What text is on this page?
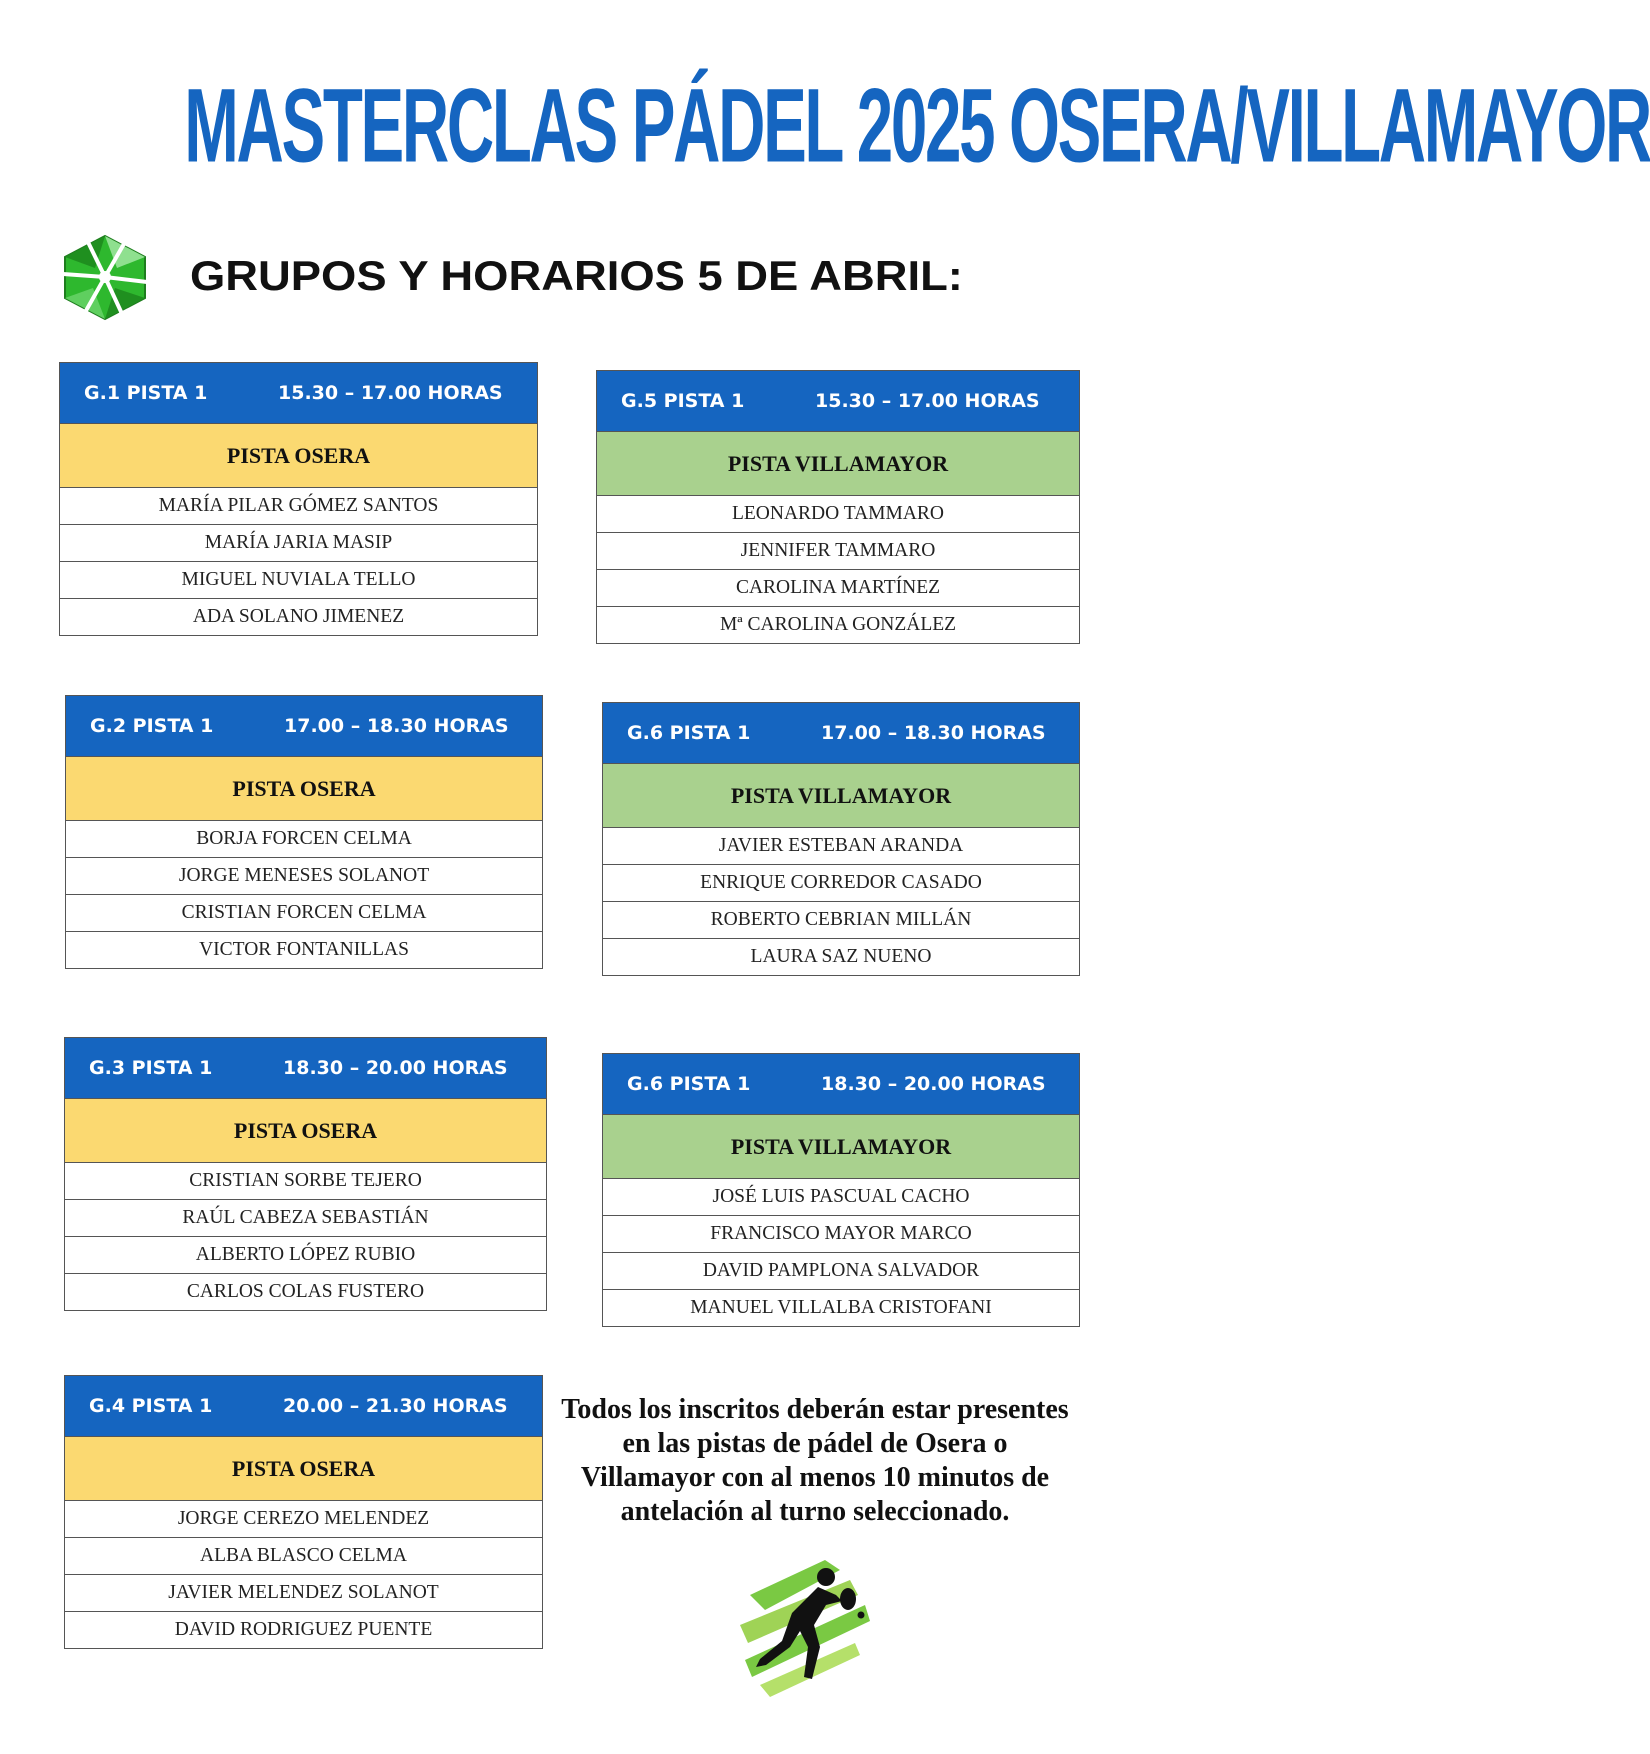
MASTERCLAS PÁDEL 2025 OSERA/VILLAMAYOR
GRUPOS Y HORARIOS 5 DE ABRIL:
G.1 PISTA 1	15.30 – 17.00 HORAS
PISTA OSERA
MARÍA PILAR GÓMEZ SANTOS
MARÍA JARIA MASIP
MIGUEL NUVIALA TELLO
ADA SOLANO JIMENEZ
G.5 PISTA 1	15.30 – 17.00 HORAS
PISTA VILLAMAYOR
LEONARDO TAMMARO
JENNIFER TAMMARO
CAROLINA MARTÍNEZ
Mª CAROLINA GONZÁLEZ
G.2 PISTA 1	17.00 – 18.30 HORAS
PISTA OSERA
BORJA FORCEN CELMA
JORGE MENESES SOLANOT
CRISTIAN FORCEN CELMA
VICTOR FONTANILLAS
G.6 PISTA 1	17.00 – 18.30 HORAS
PISTA VILLAMAYOR
JAVIER ESTEBAN ARANDA
ENRIQUE CORREDOR CASADO
ROBERTO CEBRIAN MILLÁN
LAURA SAZ NUENO
G.3 PISTA 1	18.30 – 20.00 HORAS
PISTA OSERA
CRISTIAN SORBE TEJERO
RAÚL CABEZA SEBASTIÁN
ALBERTO LÓPEZ RUBIO
CARLOS COLAS FUSTERO
G.6 PISTA 1	18.30 – 20.00 HORAS
PISTA VILLAMAYOR
JOSÉ LUIS PASCUAL CACHO
FRANCISCO MAYOR MARCO
DAVID PAMPLONA SALVADOR
MANUEL VILLALBA CRISTOFANI
G.4 PISTA 1	20.00 – 21.30 HORAS
PISTA OSERA
JORGE CEREZO MELENDEZ
ALBA BLASCO CELMA
JAVIER MELENDEZ SOLANOT
DAVID RODRIGUEZ PUENTE

Todos los inscritos deberán estar presentes en las pistas de pádel de Osera o Villamayor con al menos 10 minutos de antelación al turno seleccionado.
